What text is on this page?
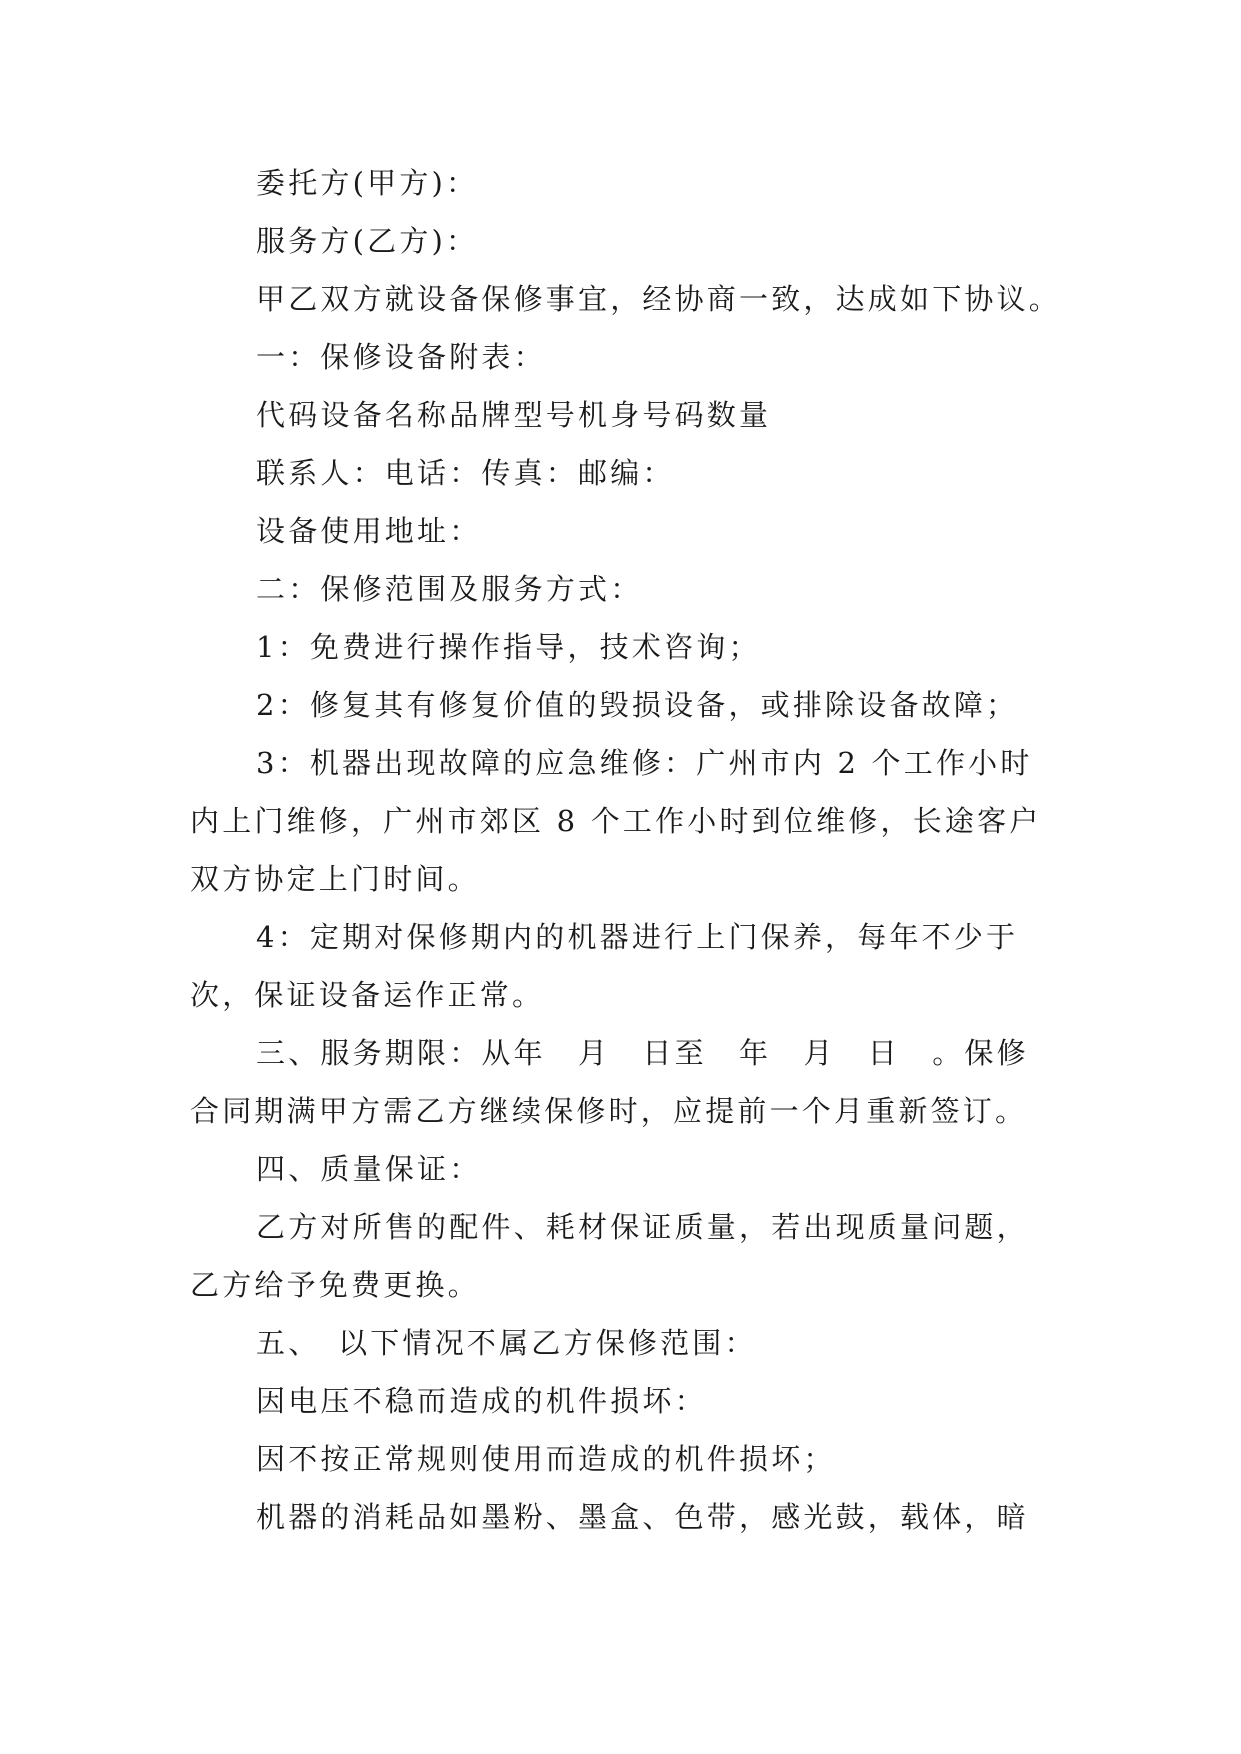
委托方(甲方)：
服务方(乙方)：
甲乙双方就设备保修事宜，经协商一致，达成如下协议。
一：保修设备附表：
代码设备名称品牌型号机身号码数量
联系人：电话：传真：邮编：
设备使用地址：
二：保修范围及服务方式：
1：免费进行操作指导，技术咨询；
2：修复其有修复价值的毁损设备，或排除设备故障；
3：机器出现故障的应急维修：广州市内 2 个工作小时
内上门维修，广州市郊区 8 个工作小时到位维修，长途客户
双方协定上门时间。
4：定期对保修期内的机器进行上门保养，每年不少于
次，保证设备运作正常。
三、服务期限：从年　月　日至　年　月　日　。保修
合同期满甲方需乙方继续保修时，应提前一个月重新签订。
四、质量保证：
乙方对所售的配件、耗材保证质量，若出现质量问题，
乙方给予免费更换。
五、　以下情况不属乙方保修范围：
因电压不稳而造成的机件损坏：
因不按正常规则使用而造成的机件损坏；
机器的消耗品如墨粉、墨盒、色带，感光鼓，载体，暗
